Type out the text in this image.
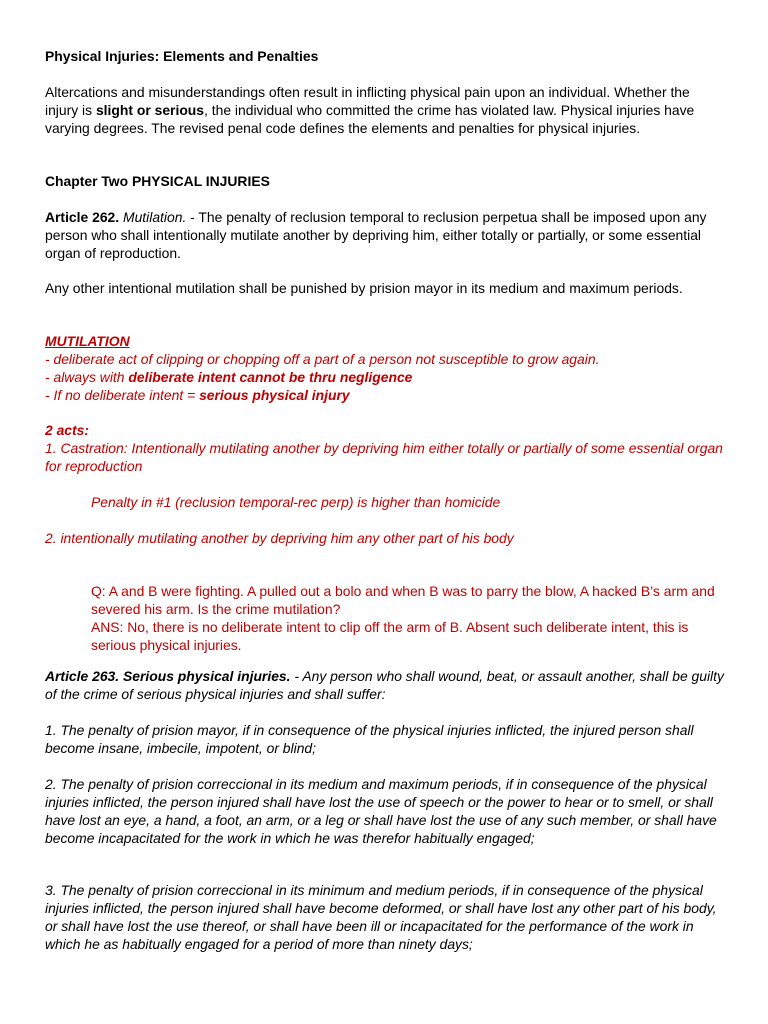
Physical Injuries: Elements and Penalties

Altercations and misunderstandings often result in inflicting physical pain upon an individual. Whether the injury is slight or serious, the individual who committed the crime has violated law. Physical injuries have varying degrees. The revised penal code defines the elements and penalties for physical injuries.

Chapter Two PHYSICAL INJURIES

Article 262. Mutilation. - The penalty of reclusion temporal to reclusion perpetua shall be imposed upon any person who shall intentionally mutilate another by depriving him, either totally or partially, or some essential organ of reproduction.

Any other intentional mutilation shall be punished by prision mayor in its medium and maximum periods.

MUTILATION

- deliberate act of clipping or chopping off a part of a person not susceptible to grow again.

- always with deliberate intent cannot be thru negligence

- If no deliberate intent = serious physical injury

2 acts:

1. Castration: Intentionally mutilating another by depriving him either totally or partially of some essential organ for reproduction

Penalty in #1 (reclusion temporal-rec perp) is higher than homicide

2. intentionally mutilating another by depriving him any other part of his body

Q: A and B were fighting. A pulled out a bolo and when B was to parry the blow, A hacked B’s arm and severed his arm. Is the crime mutilation?

ANS: No, there is no deliberate intent to clip off the arm of B. Absent such deliberate intent, this is serious physical injuries.

Article 263. Serious physical injuries. - Any person who shall wound, beat, or assault another, shall be guilty of the crime of serious physical injuries and shall suffer:

1. The penalty of prision mayor, if in consequence of the physical injuries inflicted, the injured person shall become insane, imbecile, impotent, or blind;

2. The penalty of prision correccional in its medium and maximum periods, if in consequence of the physical injuries inflicted, the person injured shall have lost the use of speech or the power to hear or to smell, or shall have lost an eye, a hand, a foot, an arm, or a leg or shall have lost the use of any such member, or shall have become incapacitated for the work in which he was therefor habitually engaged;

3. The penalty of prision correccional in its minimum and medium periods, if in consequence of the physical injuries inflicted, the person injured shall have become deformed, or shall have lost any other part of his body, or shall have lost the use thereof, or shall have been ill or incapacitated for the performance of the work in which he as habitually engaged for a period of more than ninety days;
